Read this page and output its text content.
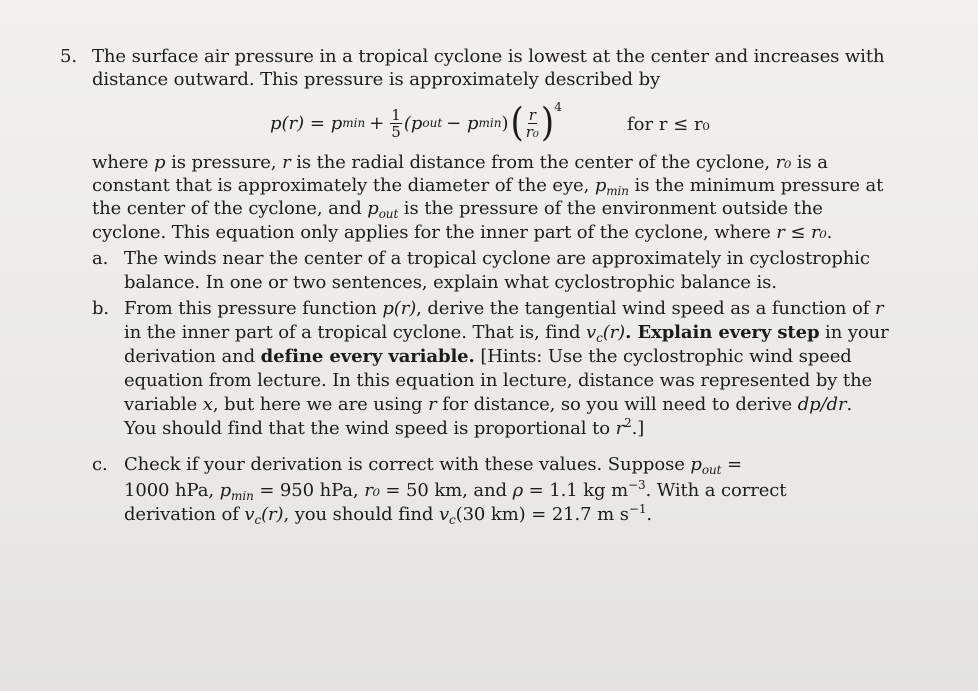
5. The surface air pressure in a tropical cyclone is lowest at the center and increases with
distance outward. This pressure is approximately described by
p(r) = p $\min + \frac{1}{5} (p$ out − p min ) ( $\frac{r}{\text{r₀}}$ ) 4
for r ≤ r₀
where p is pressure, r is the radial distance from the center of the cyclone, r₀ is a
constant that is approximately the diameter of the eye, $p_{min}$ is the minimum pressure at
the center of the cyclone, and $p_{out}$ is the pressure of the environment outside the
cyclone. This equation only applies for the inner part of the cyclone, where r ≤ r₀.
a. The winds near the center of a tropical cyclone are approximately in cyclostrophic
balance. In one or two sentences, explain what cyclostrophic balance is.
b. From this pressure function p(r), derive the tangential wind speed as a function of r
in the inner part of a tropical cyclone. That is, find $v_c(r)$. Explain every step in your
derivation and define every variable. [Hints: Use the cyclostrophic wind speed
equation from lecture. In this equation in lecture, distance was represented by the
variable x, but here we are using r for distance, so you will need to derive dp/dr.
You should find that the wind speed is proportional to $r^2$.]
c. Check if your derivation is correct with these values. Suppose $p_{out}$ =
1000 hPa, $p_{min} = 950$ hPa, r₀ = 50 km, and ρ = 1.1 kg $m^{-3}$. With a correct
derivation of $v_c(r)$, you should find $v_c(30$ km) = 21.7 m $s^{-1}$.
